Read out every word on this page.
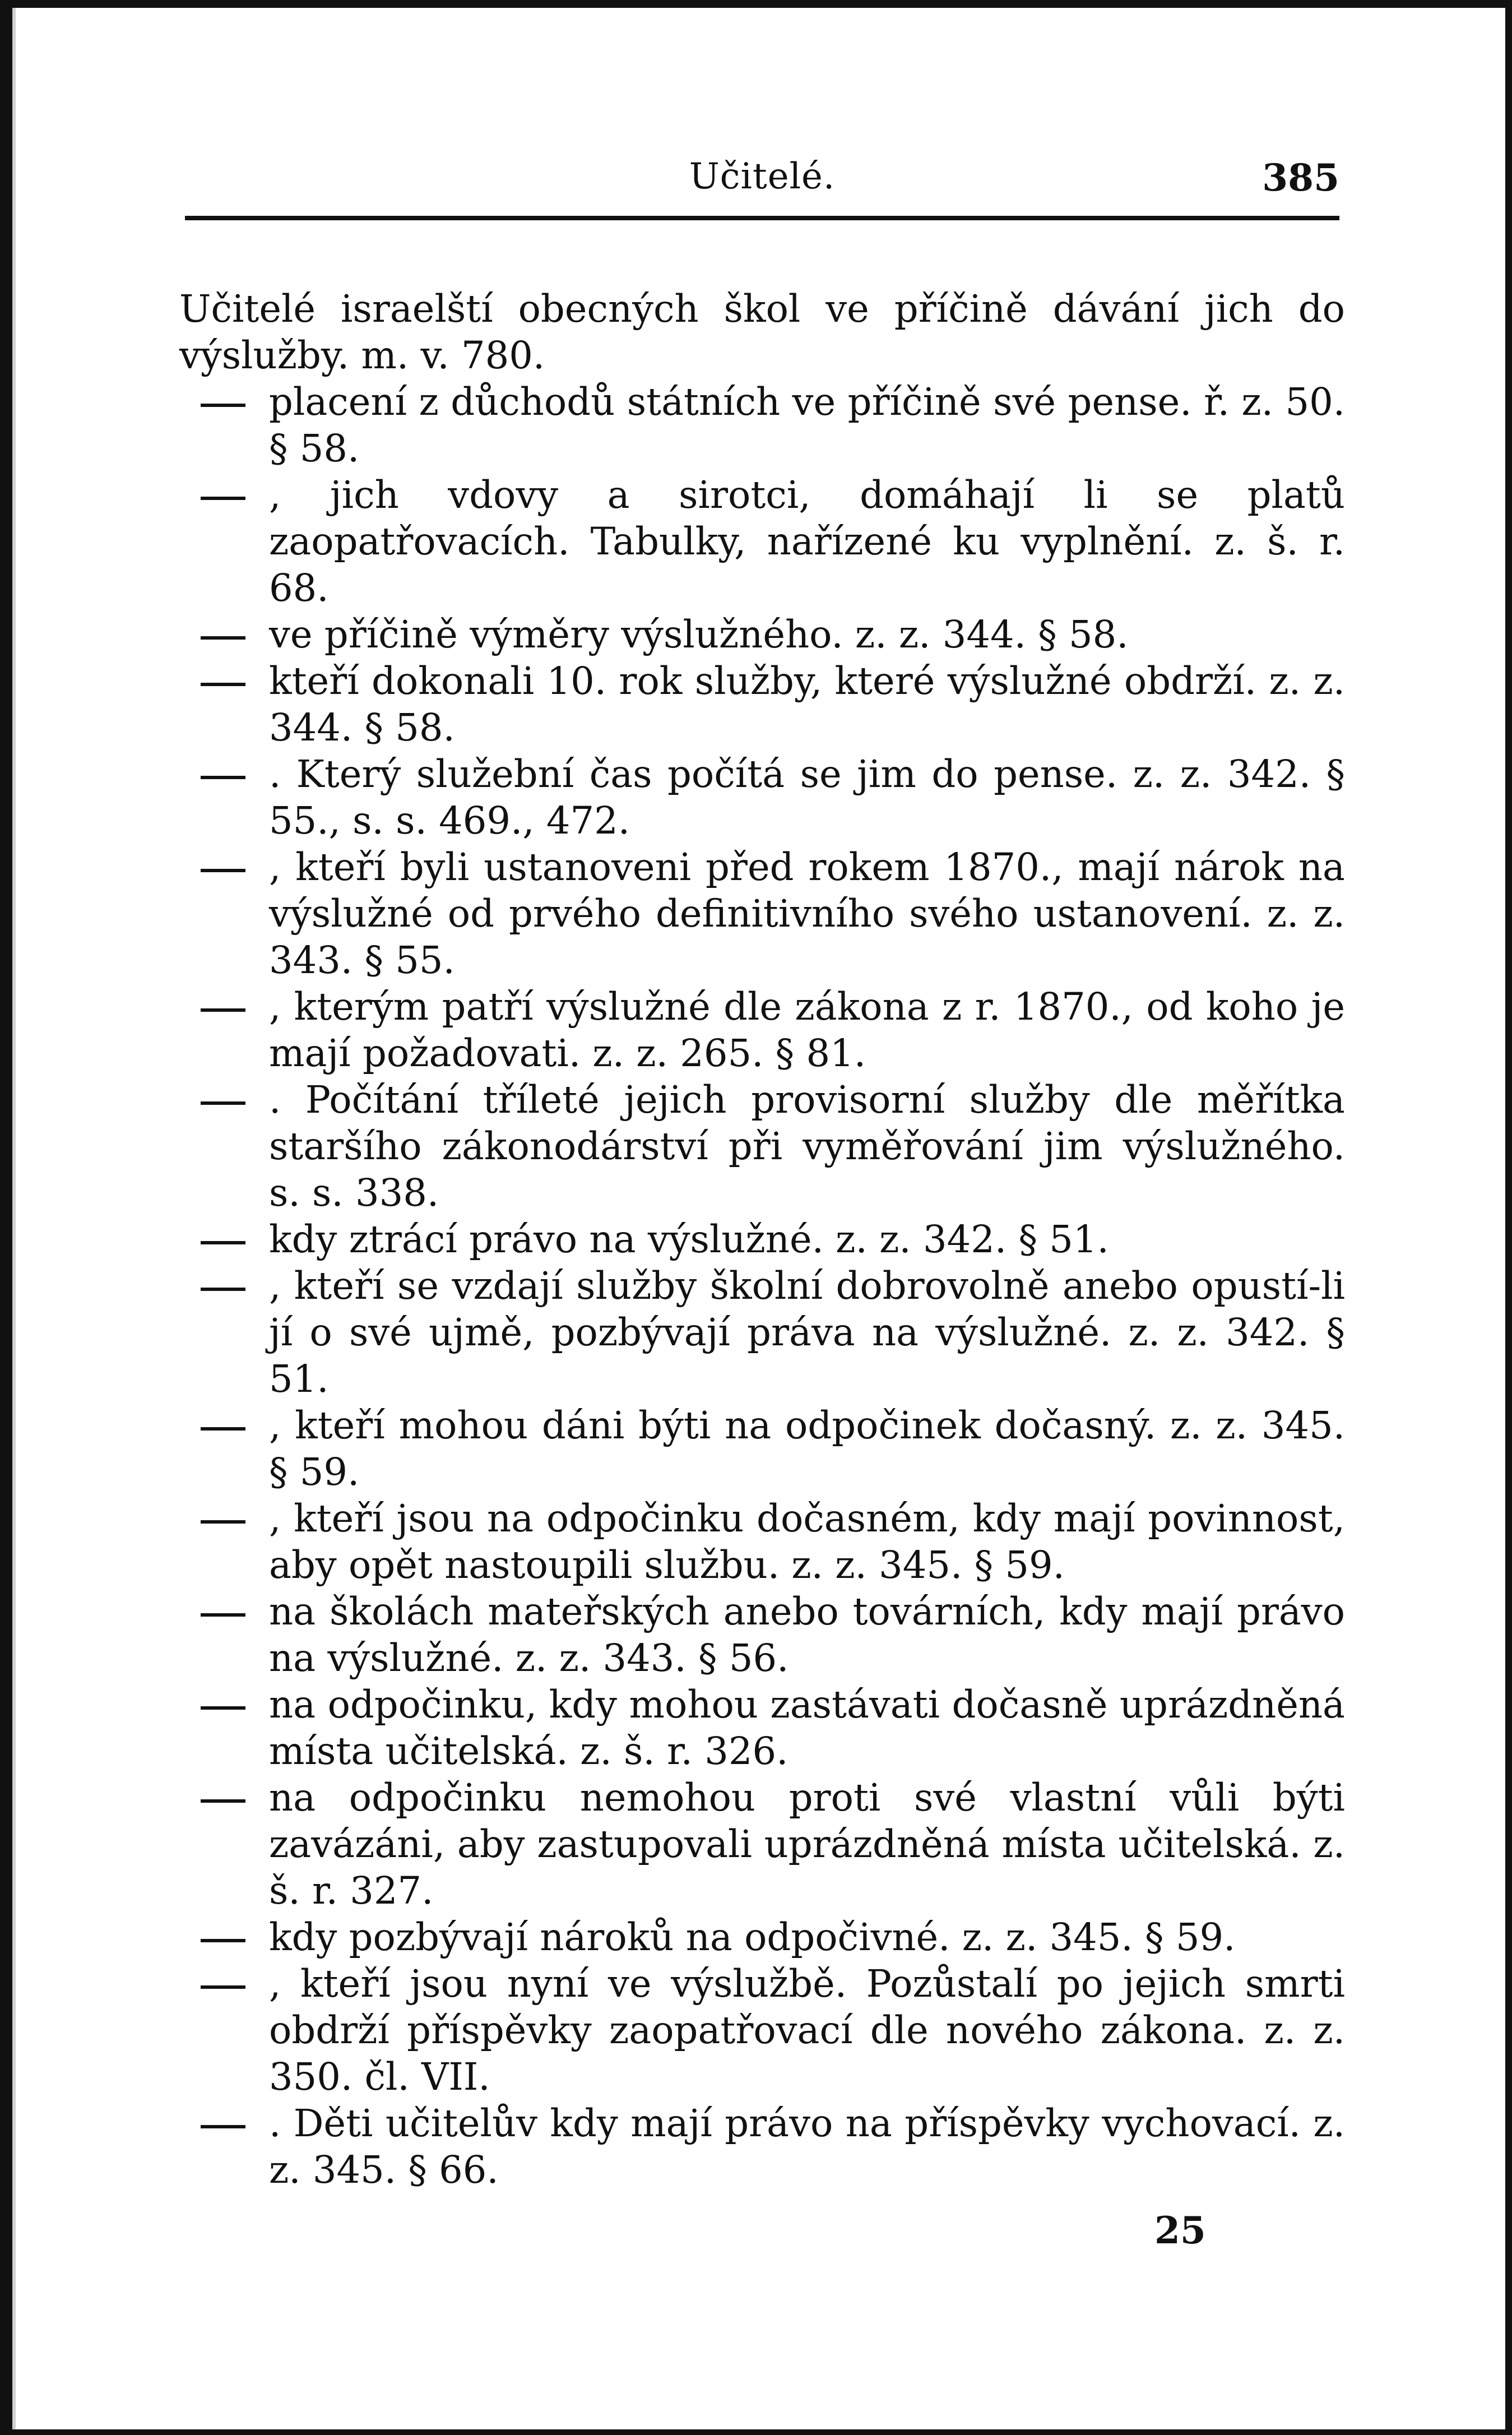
Učitelé.	385
Učitelé israelští obecných škol ve příčině dávání jich do výslužby. m. v. 780.
placení z důchodů státních ve příčině své pense. ř. z. 50. § 58.
, jich vdovy a sirotci, domáhají li se platů zaopatřovacích. Tabulky, nařízené ku vyplnění. z. š. r. 68.
ve příčině výměry výslužného. z. z. 344. § 58.
kteří dokonali 10. rok služby, které výslužné obdrží. z. z. 344. § 58.
. Který služební čas počítá se jim do pense. z. z. 342. § 55., s. s. 469., 472.
, kteří byli ustanoveni před rokem 1870., mají nárok na výslužné od prvého definitivního svého ustanovení. z. z. 343. § 55.
, kterým patří výslužné dle zákona z r. 1870., od koho je mají požadovati. z. z. 265. § 81.
. Počítání tříleté jejich provisorní služby dle měřítka staršího zákonodárství při vyměřování jim výslužného. s. s. 338.
kdy ztrácí právo na výslužné. z. z. 342. § 51.
, kteří se vzdají služby školní dobrovolně anebo opustí-li jí o své ujmě, pozbývají práva na výslužné. z. z. 342. § 51.
, kteří mohou dáni býti na odpočinek dočasný. z. z. 345. § 59.
, kteří jsou na odpočinku dočasném, kdy mají povinnost, aby opět nastoupili službu. z. z. 345. § 59.
na školách mateřských anebo továrních, kdy mají právo na výslužné. z. z. 343. § 56.
na odpočinku, kdy mohou zastávati dočasně uprázdněná místa učitelská. z. š. r. 326.
na odpočinku nemohou proti své vlastní vůli býti zavázáni, aby zastupovali uprázdněná místa učitelská. z. š. r. 327.
kdy pozbývají nároků na odpočivné. z. z. 345. § 59.
, kteří jsou nyní ve výslužbě. Pozůstalí po jejich smrti obdrží příspěvky zaopatřovací dle nového zákona. z. z. 350. čl. VII.
. Děti učitelův kdy mají právo na příspěvky vychovací. z. z. 345. § 66.
25
